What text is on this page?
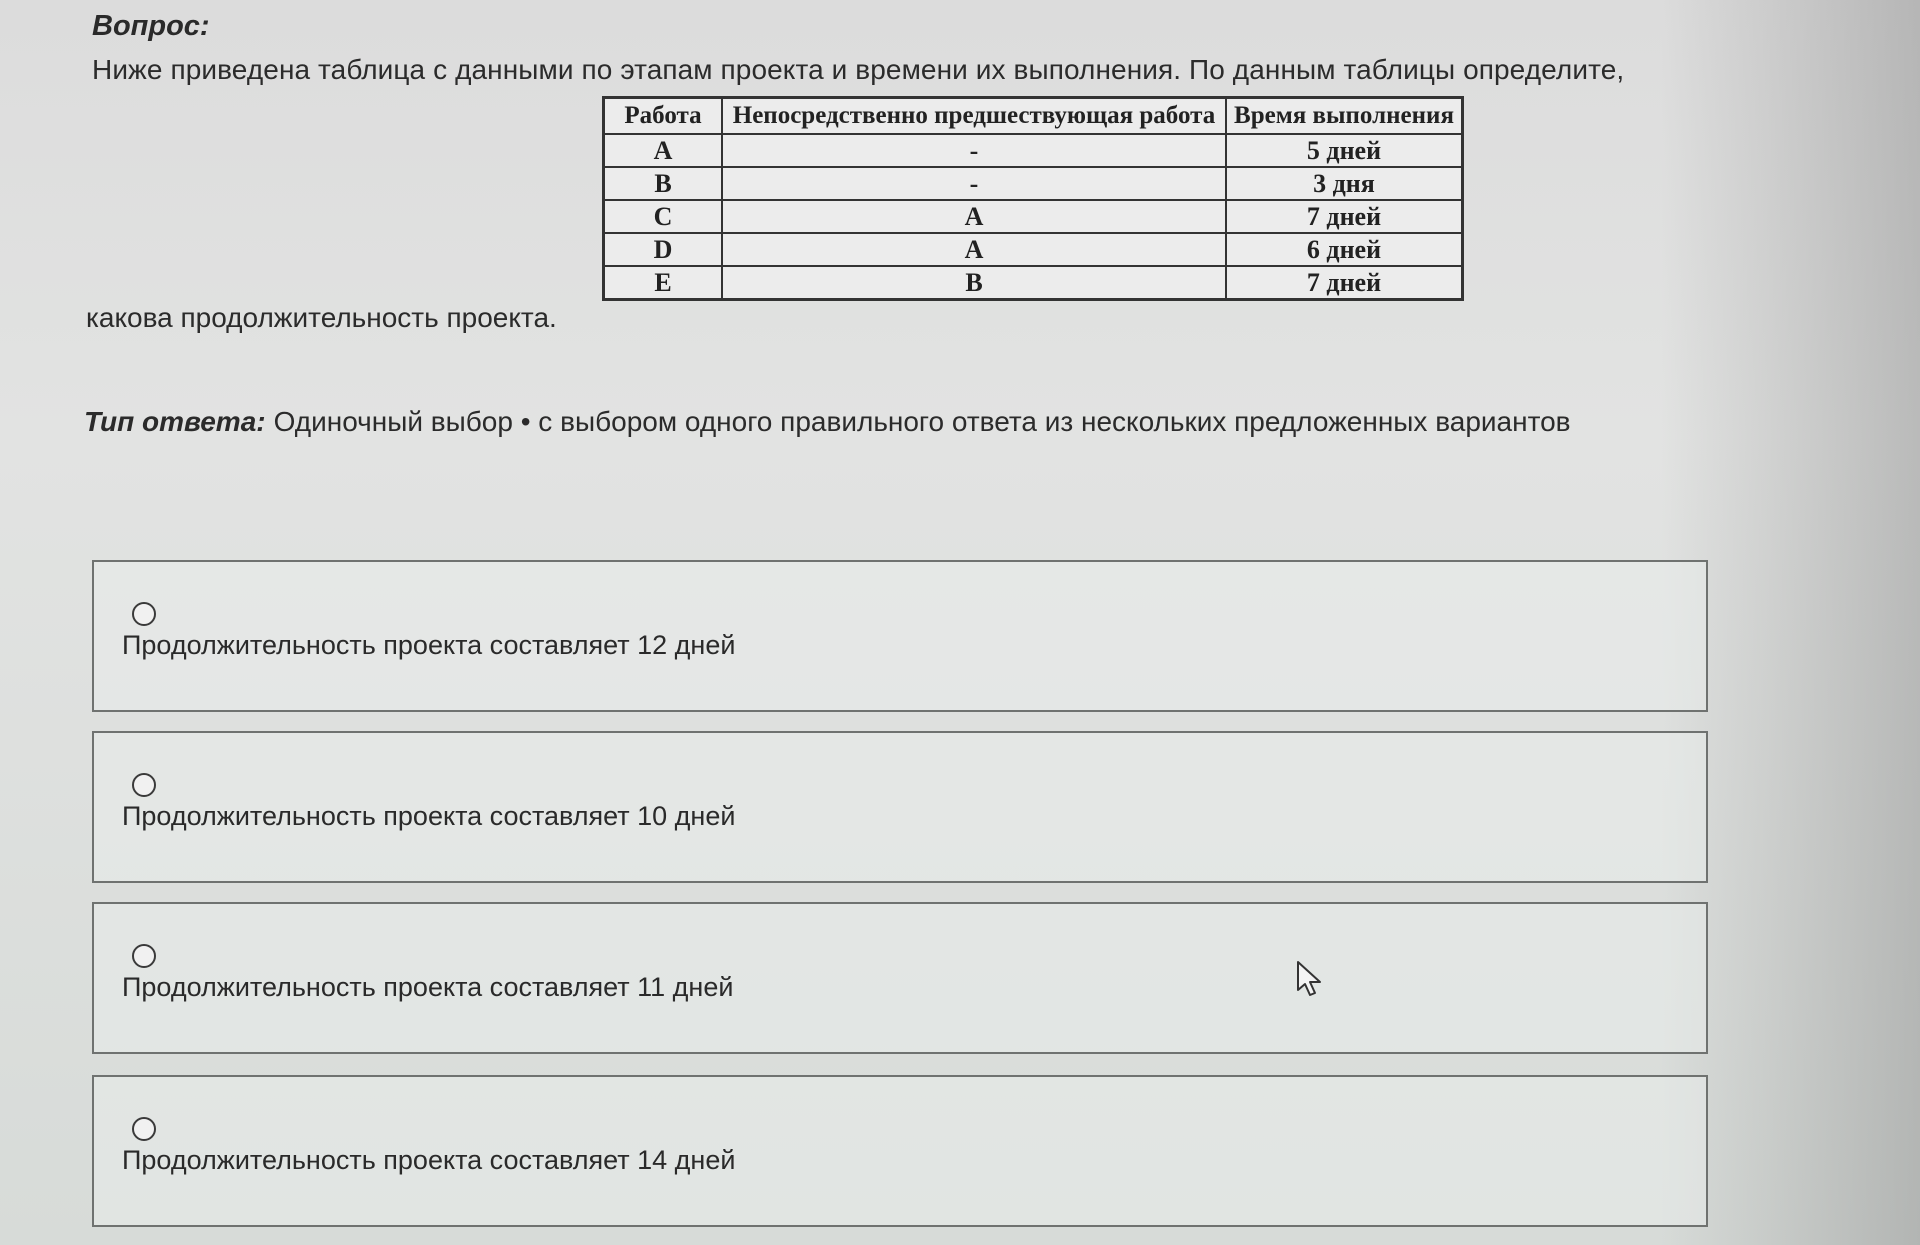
Вопрос:
Ниже приведена таблица с данными по этапам проекта и времени их выполнения. По данным таблицы определите,
какова продолжительность проекта.
Работа	Непосредственно предшествующая работа	Время выполнения
A	-	5 дней
B	-	3 дня
C	A	7 дней
D	A	6 дней
E	B	7 дней
Тип ответа: Одиночный выбор • с выбором одного правильного ответа из нескольких предложенных вариантов
Продолжительность проекта составляет 12 дней
Продолжительность проекта составляет 10 дней
Продолжительность проекта составляет 11 дней
Продолжительность проекта составляет 14 дней
